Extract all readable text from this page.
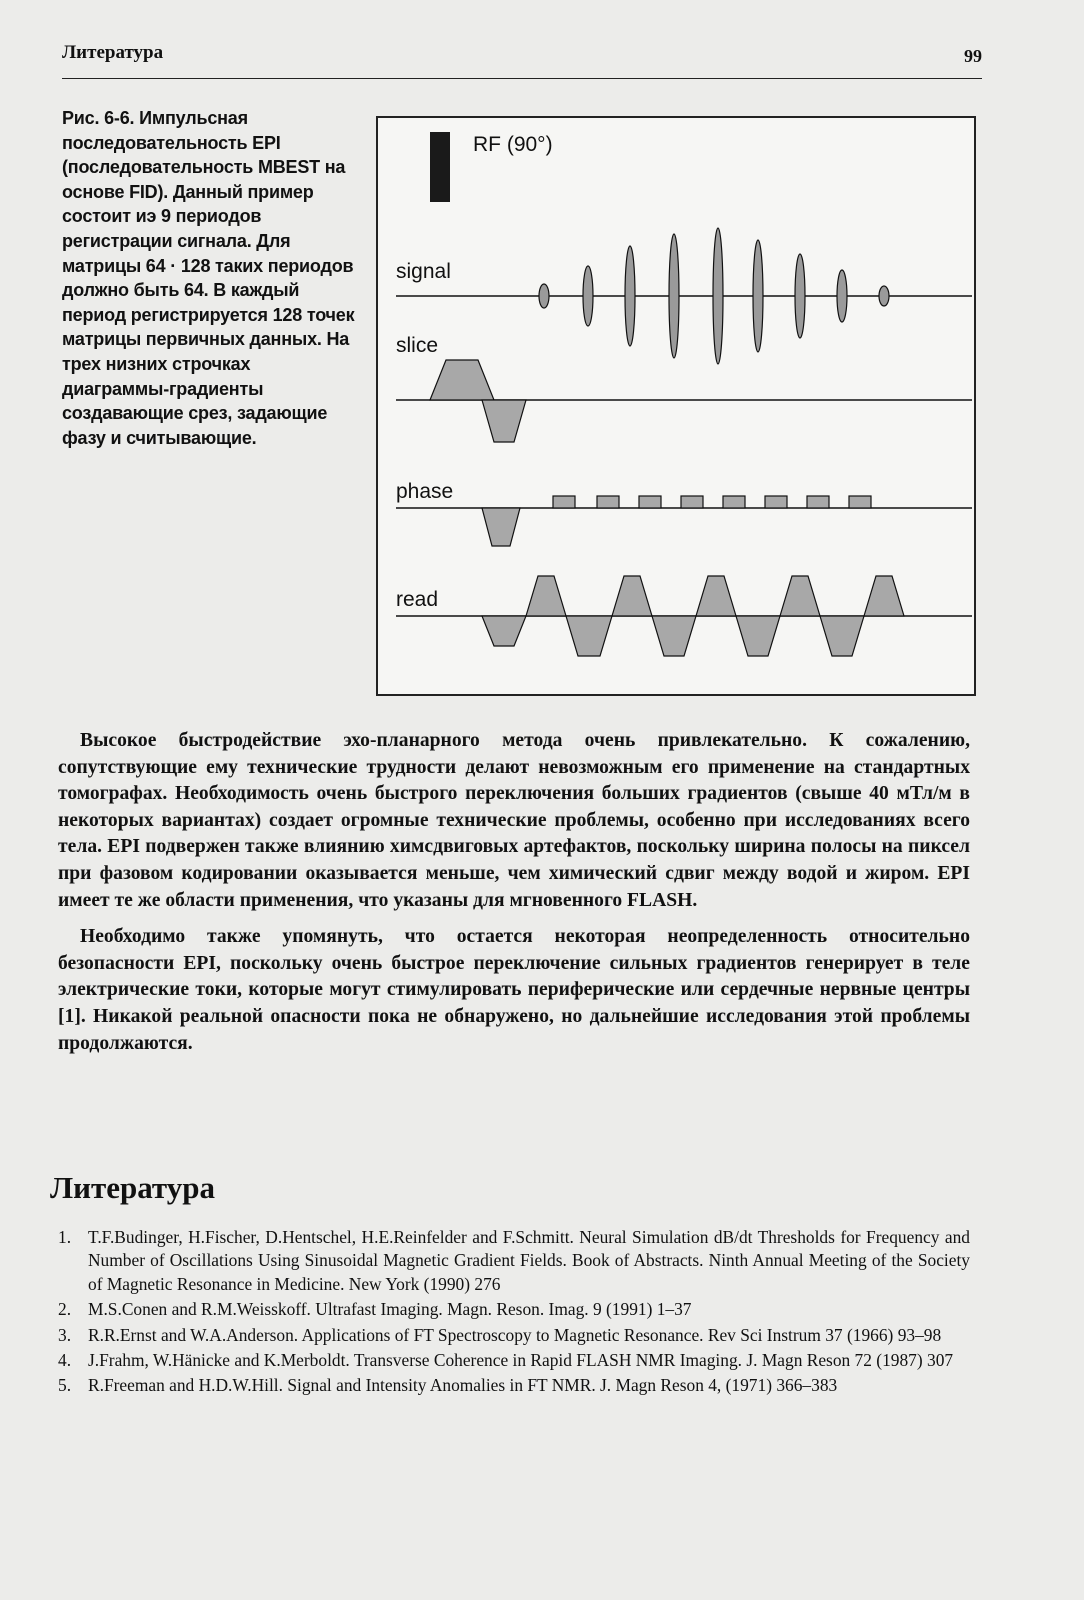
Литература	99
Рис. 6-6. Импульсная последовательность EPI (последовательность MBEST на основе FID). Данный пример состоит иэ 9 периодов регистрации сигнала. Для матрицы 64 · 128 таких периодов должно быть 64. В каждый период регистрируется 128 точек матрицы первичных данных. На трех низних строчках диаграммы-градиенты создавающие срез, задающие фазу и считывающие.
RF (90°)
signal
slice
phase
read

Высокое быстродействие эхо-планарного метода очень привлекательно. К сожалению, сопутствующие ему технические трудности делают невозможным его применение на стандартных томографах. Необходимость очень быстрого переключения больших градиентов (свыше 40 мТл/м в некоторых вариантах) создает огромные технические проблемы, особенно при исследованиях всего тела. EPI подвержен также влиянию химсдвиговых артефактов, поскольку ширина полосы на пиксел при фазовом кодировании оказывается меньше, чем химический сдвиг между водой и жиром. EPI имеет те же области применения, что указаны для мгновенного FLASH.

Необходимо также упомянуть, что остается некоторая неопределенность относительно безопасности EPI, поскольку очень быстрое переключение сильных градиентов генерирует в теле электрические токи, которые могут стимулировать периферические или сердечные нервные центры [1]. Никакой реальной опасности пока не обнаружено, но дальнейшие исследования этой проблемы продолжаются.

Литература
1. T.F.Budinger, H.Fischer, D.Hentschel, H.E.Reinfelder and F.Schmitt. Neural Simulation dB/dt Thresholds for Frequency and Number of Oscillations Using Sinusoidal Magnetic Gradient Fields. Book of Abstracts. Ninth Annual Meeting of the Society of Magnetic Resonance in Medicine. New York (1990) 276
2. M.S.Conen and R.M.Weisskoff. Ultrafast Imaging. Magn. Reson. Imag. 9 (1991) 1–37
3. R.R.Ernst and W.A.Anderson. Applications of FT Spectroscopy to Magnetic Resonance. Rev Sci Instrum 37 (1966) 93–98
4. J.Frahm, W.Hänicke and K.Merboldt. Transverse Coherence in Rapid FLASH NMR Imaging. J. Magn Reson 72 (1987) 307
5. R.Freeman and H.D.W.Hill. Signal and Intensity Anomalies in FT NMR. J. Magn Reson 4, (1971) 366–383
